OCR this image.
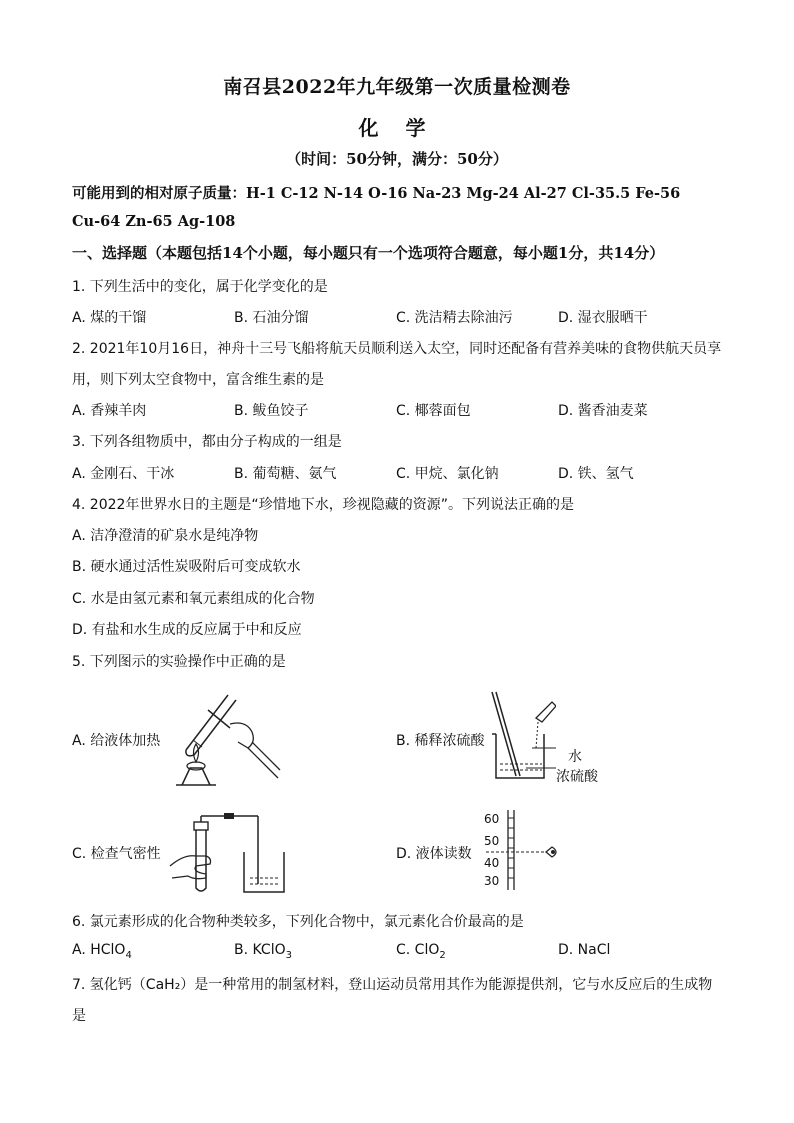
南召县2022年九年级第一次质量检测卷
化 学
（时间：50分钟，满分：50分）
可能用到的相对原子质量：H-1 C-12 N-14 O-16 Na-23 Mg-24 Al-27 Cl-35.5 Fe-56
Cu-64 Zn-65 Ag-108
一、选择题（本题包括14个小题，每小题只有一个选项符合题意，每小题1分，共14分）
1. 下列生活中的变化，属于化学变化的是
A. 煤的干馏	B. 石油分馏	C. 洗洁精去除油污	D. 湿衣服晒干
2. 2021年10月16日，神舟十三号飞船将航天员顺利送入太空，同时还配备有营养美味的食物供航天员享
用，则下列太空食物中，富含维生素的是
A. 香辣羊肉	B. 鲅鱼饺子	C. 椰蓉面包	D. 酱香油麦菜
3. 下列各组物质中，都由分子构成的一组是
A. 金刚石、干冰	B. 葡萄糖、氨气	C. 甲烷、氯化钠	D. 铁、氢气
4. 2022年世界水日的主题是“珍惜地下水，珍视隐藏的资源”。下列说法正确的是
A. 洁净澄清的矿泉水是纯净物
B. 硬水通过活性炭吸附后可变成软水
C. 水是由氢元素和氧元素组成的化合物
D. 有盐和水生成的反应属于中和反应
5. 下列图示的实验操作中正确的是
A. 给液体加热	B. 稀释浓硫酸
水
浓硫酸
C. 检查气密性	D. 液体读数
60
50
40
30
6. 氯元素形成的化合物种类较多，下列化合物中，氯元素化合价最高的是
A. HClO$_4$	B. KClO$_3$	C. ClO$_2$	D. NaCl
7. 氢化钙（CaH₂）是一种常用的制氢材料，登山运动员常用其作为能源提供剂，它与水反应后的生成物
是
